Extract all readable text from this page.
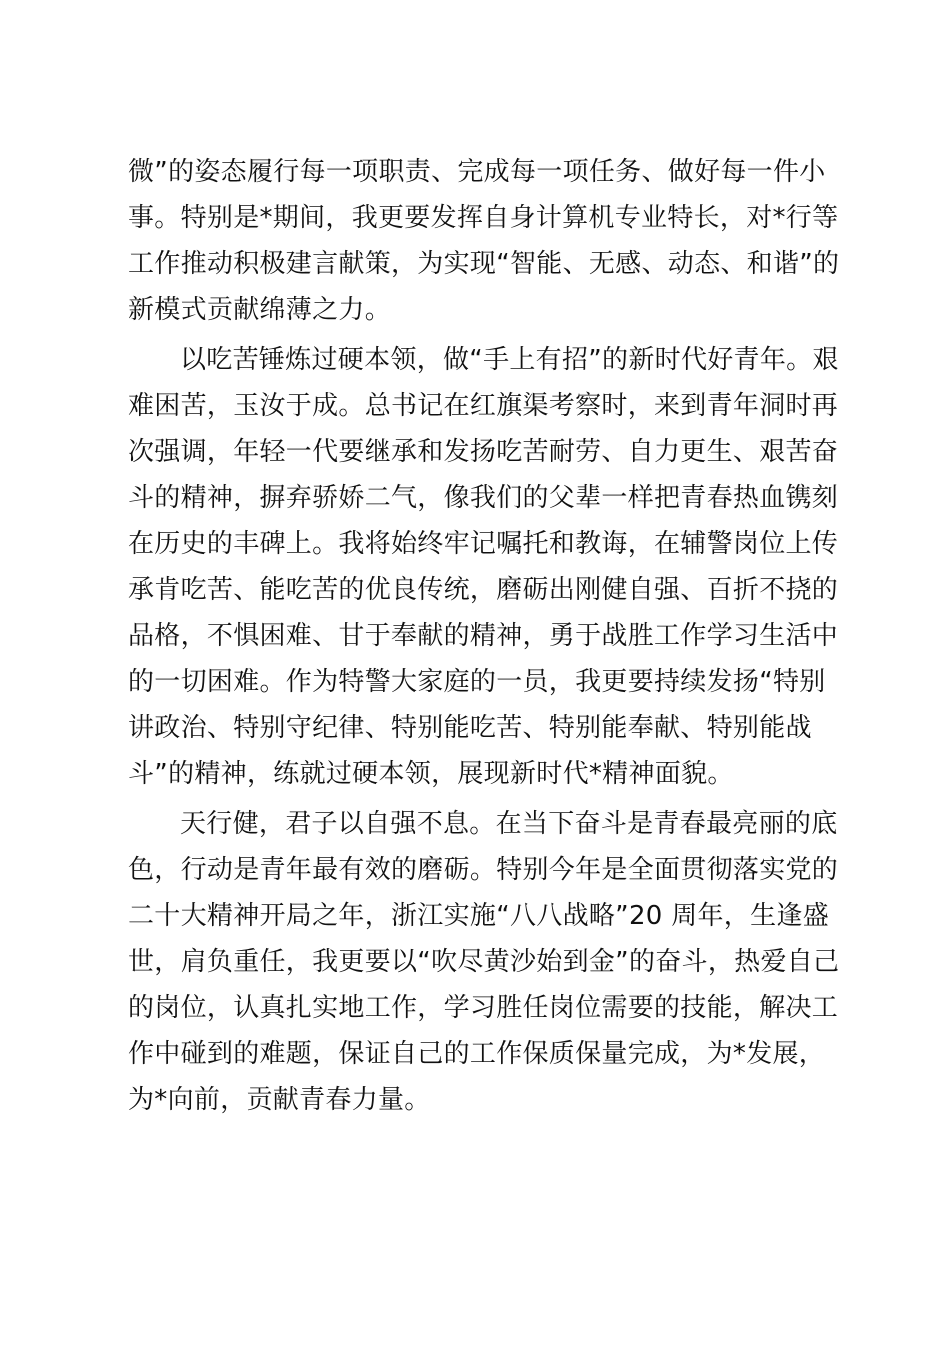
微”的姿态履行每一项职责、完成每一项任务、做好每一件小
事。特别是*期间，我更要发挥自身计算机专业特长，对*行等
工作推动积极建言献策，为实现“智能、无感、动态、和谐”的
新模式贡献绵薄之力。
以吃苦锤炼过硬本领，做“手上有招”的新时代好青年。艰
难困苦，玉汝于成。总书记在红旗渠考察时，来到青年洞时再
次强调，年轻一代要继承和发扬吃苦耐劳、自力更生、艰苦奋
斗的精神，摒弃骄娇二气，像我们的父辈一样把青春热血镌刻
在历史的丰碑上。我将始终牢记嘱托和教诲，在辅警岗位上传
承肯吃苦、能吃苦的优良传统，磨砺出刚健自强、百折不挠的
品格，不惧困难、甘于奉献的精神，勇于战胜工作学习生活中
的一切困难。作为特警大家庭的一员，我更要持续发扬“特别
讲政治、特别守纪律、特别能吃苦、特别能奉献、特别能战
斗”的精神，练就过硬本领，展现新时代*精神面貌。
天行健，君子以自强不息。在当下奋斗是青春最亮丽的底
色，行动是青年最有效的磨砺。特别今年是全面贯彻落实党的
二十大精神开局之年，浙江实施“八八战略”20 周年，生逢盛
世，肩负重任，我更要以“吹尽黄沙始到金”的奋斗，热爱自己
的岗位，认真扎实地工作，学习胜任岗位需要的技能，解决工
作中碰到的难题，保证自己的工作保质保量完成，为*发展，
为*向前，贡献青春力量。
